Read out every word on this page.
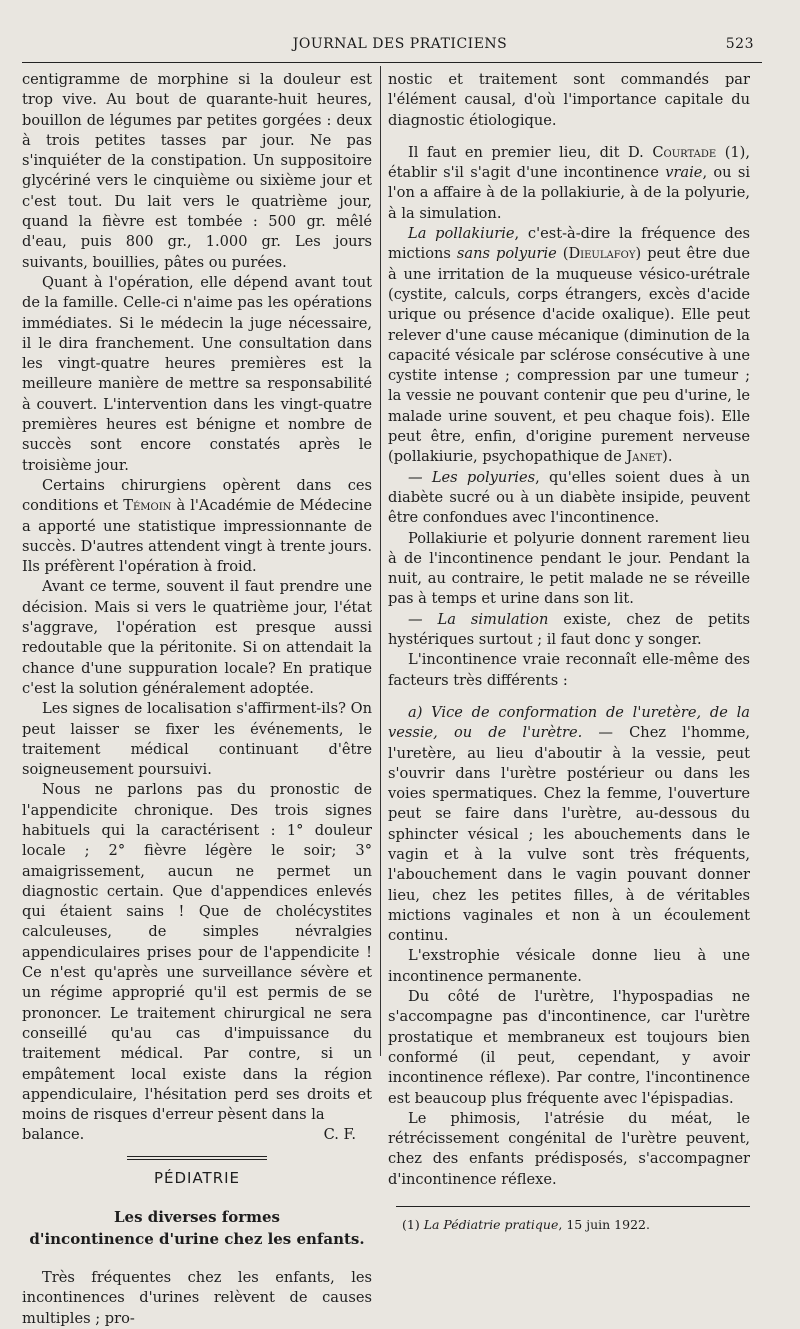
JOURNAL DES PRATICIENS	523

centigramme de morphine si la douleur est trop vive. Au bout de quarante-huit heures, bouillon de légumes par petites gorgées : deux à trois petites tasses par jour. Ne pas s'inquiéter de la constipation. Un suppositoire glycériné vers le cinquième ou sixième jour et c'est tout. Du lait vers le quatrième jour, quand la fièvre est tombée : 500 gr. mêlé d'eau, puis 800 gr., 1.000 gr. Les jours suivants, bouillies, pâtes ou purées.

Quant à l'opération, elle dépend avant tout de la famille. Celle-ci n'aime pas les opérations immédiates. Si le médecin la juge nécessaire, il le dira franchement. Une consultation dans les vingt-quatre heures premières est la meilleure manière de mettre sa responsabilité à couvert. L'intervention dans les vingt-quatre premières heures est bénigne et nombre de succès sont encore constatés après le troisième jour.

Certains chirurgiens opèrent dans ces conditions et Témoin à l'Académie de Médecine a apporté une statistique impressionnante de succès. D'autres attendent vingt à trente jours. Ils préfèrent l'opération à froid.

Avant ce terme, souvent il faut prendre une décision. Mais si vers le quatrième jour, l'état s'aggrave, l'opération est presque aussi redoutable que la péritonite. Si on attendait la chance d'une suppuration locale? En pratique c'est la solution généralement adoptée.

Les signes de localisation s'affirment-ils? On peut laisser se fixer les événements, le traitement médical continuant d'être soigneusement poursuivi.

Nous ne parlons pas du pronostic de l'appendicite chronique. Des trois signes habituels qui la caractérisent : 1° douleur locale ; 2° fièvre légère le soir; 3° amaigrissement, aucun ne permet un diagnostic certain. Que d'appendices enlevés qui étaient sains ! Que de cholécystites calculeuses, de simples névralgies appendiculaires prises pour de l'appendicite ! Ce n'est qu'après une surveillance sévère et un régime approprié qu'il est permis de se prononcer. Le traitement chirurgical ne sera conseillé qu'au cas d'impuissance du traitement médical. Par contre, si un empâtement local existe dans la région appendiculaire, l'hésitation perd ses droits et moins de risques d'erreur pèsent dans la

balance.	C. F.
PÉDIATRIE
Les diverses formes
d'incontinence d'urine chez les enfants.

Très fréquentes chez les enfants, les incontinences d'urines relèvent de causes multiples ; pro-

nostic et traitement sont commandés par l'élément causal, d'où l'importance capitale du diagnostic étiologique.

Il faut en premier lieu, dit D. Courtade (1), établir s'il s'agit d'une incontinence vraie, ou si l'on a affaire à de la pollakiurie, à de la polyurie, à la simulation.

La pollakiurie, c'est-à-dire la fréquence des mictions sans polyurie (Dieulafoy) peut être due à une irritation de la muqueuse vésico-urétrale (cystite, calculs, corps étrangers, excès d'acide urique ou présence d'acide oxalique). Elle peut relever d'une cause mécanique (diminution de la capacité vésicale par sclérose consécutive à une cystite intense ; compression par une tumeur ; la vessie ne pouvant contenir que peu d'urine, le malade urine souvent, et peu chaque fois). Elle peut être, enfin, d'origine purement nerveuse (pollakiurie, psychopathique de Janet).

— Les polyuries, qu'elles soient dues à un diabète sucré ou à un diabète insipide, peuvent être confondues avec l'incontinence.

Pollakiurie et polyurie donnent rarement lieu à de l'incontinence pendant le jour. Pendant la nuit, au contraire, le petit malade ne se réveille pas à temps et urine dans son lit.

— La simulation existe, chez de petits hystériques surtout ; il faut donc y songer.

L'incontinence vraie reconnaît elle-même des facteurs très différents :

a) Vice de conformation de l'uretère, de la vessie, ou de l'urètre. — Chez l'homme, l'uretère, au lieu d'aboutir à la vessie, peut s'ouvrir dans l'urètre postérieur ou dans les voies spermatiques. Chez la femme, l'ouverture peut se faire dans l'urètre, au-dessous du sphincter vésical ; les abouchements dans le vagin et à la vulve sont très fréquents, l'abouchement dans le vagin pouvant donner lieu, chez les petites filles, à de véritables mictions vaginales et non à un écoulement continu.

L'exstrophie vésicale donne lieu à une incontinence permanente.

Du côté de l'urètre, l'hypospadias ne s'accompagne pas d'incontinence, car l'urètre prostatique et membraneux est toujours bien conformé (il peut, cependant, y avoir incontinence réflexe). Par contre, l'incontinence est beaucoup plus fréquente avec l'épispadias.

Le phimosis, l'atrésie du méat, le rétrécissement congénital de l'urètre peuvent, chez des enfants prédisposés, s'accompagner d'incontinence réflexe.

(1) La Pédiatrie pratique, 15 juin 1922.
